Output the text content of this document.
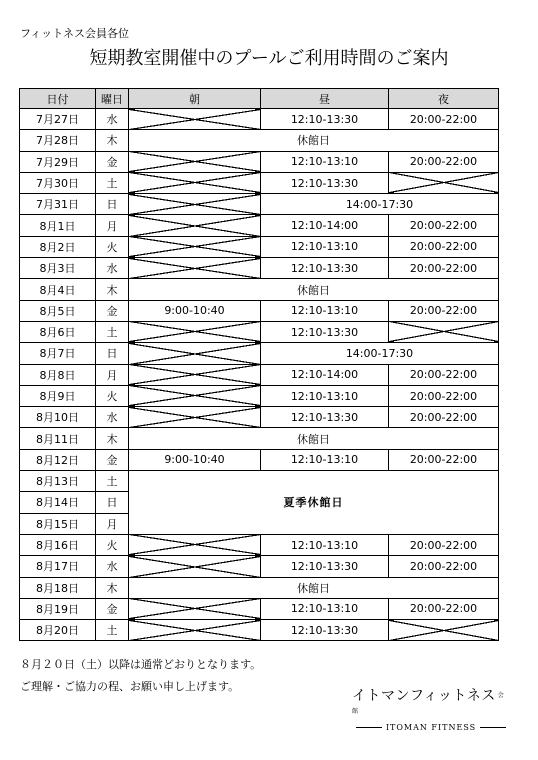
フィットネス会員各位
短期教室開催中のプールご利用時間のご案内
日付	曜日	朝	昼	夜
7月27日	水		12:10-13:30	20:00-22:00
7月28日	木	休館日		
7月29日	金		12:10-13:10	20:00-22:00
7月30日	土		12:10-13:30	
7月31日	日		14:00-17:30	
8月1日	月		12:10-14:00	20:00-22:00
8月2日	火		12:10-13:10	20:00-22:00
8月3日	水		12:10-13:30	20:00-22:00
8月4日	木	休館日		
8月5日	金	9:00-10:40	12:10-13:10	20:00-22:00
8月6日	土		12:10-13:30	
8月7日	日		14:00-17:30	
8月8日	月		12:10-14:00	20:00-22:00
8月9日	火		12:10-13:10	20:00-22:00
8月10日	水		12:10-13:30	20:00-22:00
8月11日	木	休館日		
8月12日	金	9:00-10:40	12:10-13:10	20:00-22:00
8月13日	土	夏季休館日		
8月14日	日			
8月15日	月			
8月16日	火		12:10-13:10	20:00-22:00
8月17日	水		12:10-13:30	20:00-22:00
8月18日	木	休館日		
8月19日	金		12:10-13:10	20:00-22:00
8月20日	土		12:10-13:30	
８月２０日（土）以降は通常どおりとなります。
ご理解・ご協力の程、お願い申し上げます。
イトマンフィットネス 会館
ITOMAN FITNESS
